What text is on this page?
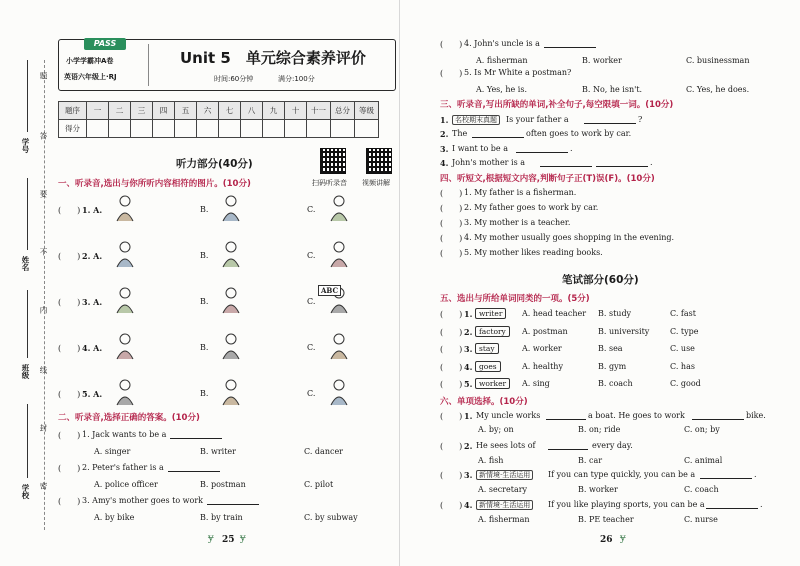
题
答
要
不
内
线
封
密
学号
姓名
班级
学校
PASS
小学学霸冲A卷
英语六年级上·RJ
Unit 5　单元综合素养评价
时间:60分钟	满分:100分
题序	一	二	三	四	五	六	七	八	九	十	十一	总分	等级
得分													
听力部分(40分)
扫码听录音 视频讲解
一、听录音,选出与你所听内容相符的图片。(10分)
(　　) 1. A.	B.	C.
(　　) 2. A.	B.	C.
(　　) 3. A.	B.	C.
(　　) 4. A.	B.	C.
(　　) 5. A.	B.	C.
ABC
二、听录音,选择正确的答案。(10分)
(　　) 1. Jack wants to be a
A. singer	B. writer	C. dancer
(　　) 2. Peter's father is a
A. police officer	B. postman	C. pilot
(　　) 3. Amy's mother goes to work
A. by bike	B. by train	C. by subway
25
ɏ	ɏ
(　　) 4. John's uncle is a
A. fisherman	B. worker	C. businessman
(　　) 5. Is Mr White a postman?
A. Yes, he is.	B. No, he isn't.	C. Yes, he does.
三、听录音,写出所缺的单词,补全句子,每空限填一词。(10分)
1. 名校期末真题	Is your father a	?
2. The	often goes to work by car.
3. I want to be a	.
4. John's mother is a	.
四、听短文,根据短文内容,判断句子正(T)误(F)。(10分)
(　　) 1. My father is a fisherman.
(　　) 2. My father goes to work by car.
(　　) 3. My mother is a teacher.
(　　) 4. My mother usually goes shopping in the evening.
(　　) 5. My mother likes reading books.
笔试部分(60分)
五、选出与所给单词同类的一项。(5分)
(　　) 1. writer	A. head teacher B. study	C. fast
(　　) 2. factory	A. postman	B. university	C. type
(　　) 3. stay	A. worker	B. sea	C. use
(　　) 4. goes	A. healthy	B. gym	C. has
(　　) 5. worker	A. sing	B. coach	C. good
六、单项选择。(10分)
(　　) 1. My uncle works	a boat. He goes to work	bike.
A. by; on	B. on; ride	C. on; by
(　　) 2. He sees lots of	every day.
A. fish	B. car	C. animal
(　　) 3. 新情境·生活运用	If you can type quickly, you can be a	.
A. secretary	B. worker	C. coach
(　　) 4. 新情境·生活运用	If you like playing sports, you can be a	.
A. fisherman	B. PE teacher	C. nurse
26 ɏ
